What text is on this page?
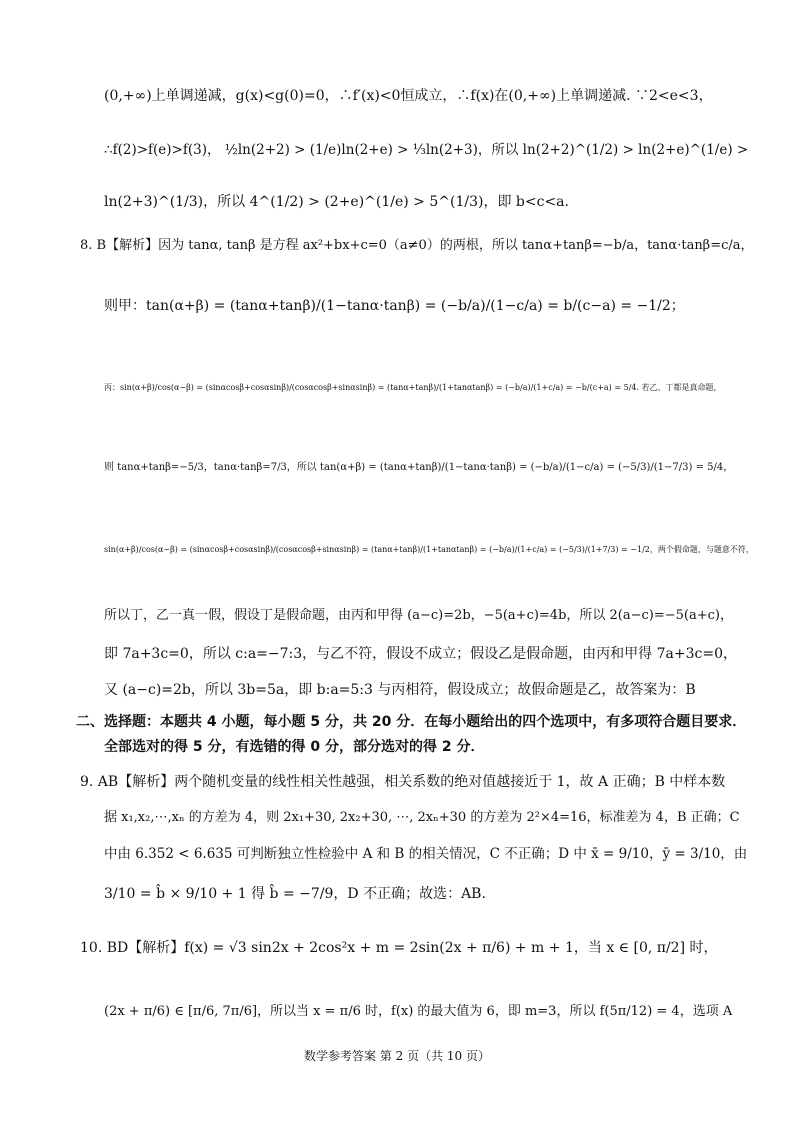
(0,+∞)上单调递减，g(x)<g(0)=0，∴f′(x)<0恒成立，∴f(x)在(0,+∞)上单调递减. ∵2<e<3，
∴f(2)>f(e)>f(3)， ½ln(2+2) > (1/e)ln(2+e) > ⅓ln(2+3)，所以 ln(2+2)^(1/2) > ln(2+e)^(1/e) >
ln(2+3)^(1/3)，所以 4^(1/2) > (2+e)^(1/e) > 5^(1/3)，即 b<c<a.
8. B【解析】因为 tanα, tanβ 是方程 ax²+bx+c=0（a≠0）的两根，所以 tanα+tanβ=−b/a，tanα·tanβ=c/a，
则甲：tan(α+β) = (tanα+tanβ)/(1−tanα·tanβ) = (−b/a)/(1−c/a) = b/(c−a) = −1/2；
丙：sin(α+β)/cos(α−β) = (sinαcosβ+cosαsinβ)/(cosαcosβ+sinαsinβ) = (tanα+tanβ)/(1+tanαtanβ) = (−b/a)/(1+c/a) = −b/(c+a) = 5/4. 若乙、丁都是真命题，
则 tanα+tanβ=−5/3，tanα·tanβ=7/3，所以 tan(α+β) = (tanα+tanβ)/(1−tanα·tanβ) = (−b/a)/(1−c/a) = (−5/3)/(1−7/3) = 5/4，
sin(α+β)/cos(α−β) = (sinαcosβ+cosαsinβ)/(cosαcosβ+sinαsinβ) = (tanα+tanβ)/(1+tanαtanβ) = (−b/a)/(1+c/a) = (−5/3)/(1+7/3) = −1/2，两个假命题，与题意不符，
所以丁，乙一真一假，假设丁是假命题，由丙和甲得 (a−c)=2b，−5(a+c)=4b，所以 2(a−c)=−5(a+c)，
即 7a+3c=0，所以 c:a=−7:3，与乙不符，假设不成立；假设乙是假命题，由丙和甲得 7a+3c=0，
又 (a−c)=2b，所以 3b=5a，即 b:a=5:3 与丙相符，假设成立；故假命题是乙，故答案为：B
二、选择题：本题共 4 小题，每小题 5 分，共 20 分．在每小题给出的四个选项中，有多项符合题目要求．
全部选对的得 5 分，有选错的得 0 分，部分选对的得 2 分．
9. AB【解析】两个随机变量的线性相关性越强，相关系数的绝对值越接近于 1，故 A 正确；B 中样本数
据 x₁,x₂,⋯,xₙ 的方差为 4，则 2x₁+30, 2x₂+30, ⋯, 2xₙ+30 的方差为 2²×4=16，标准差为 4，B 正确；C
中由 6.352 < 6.635 可判断独立性检验中 A 和 B 的相关情况，C 不正确；D 中 x̄ = 9/10，ȳ = 3/10，由
3/10 = b̂ × 9/10 + 1 得 b̂ = −7/9，D 不正确；故选：AB.
10. BD【解析】f(x) = √3 sin2x + 2cos²x + m = 2sin(2x + π/6) + m + 1，当 x ∈ [0, π/2] 时，
(2x + π/6) ∈ [π/6, 7π/6]，所以当 x = π/6 时，f(x) 的最大值为 6，即 m=3，所以 f(5π/12) = 4，选项 A
数学参考答案 第 2 页（共 10 页）
